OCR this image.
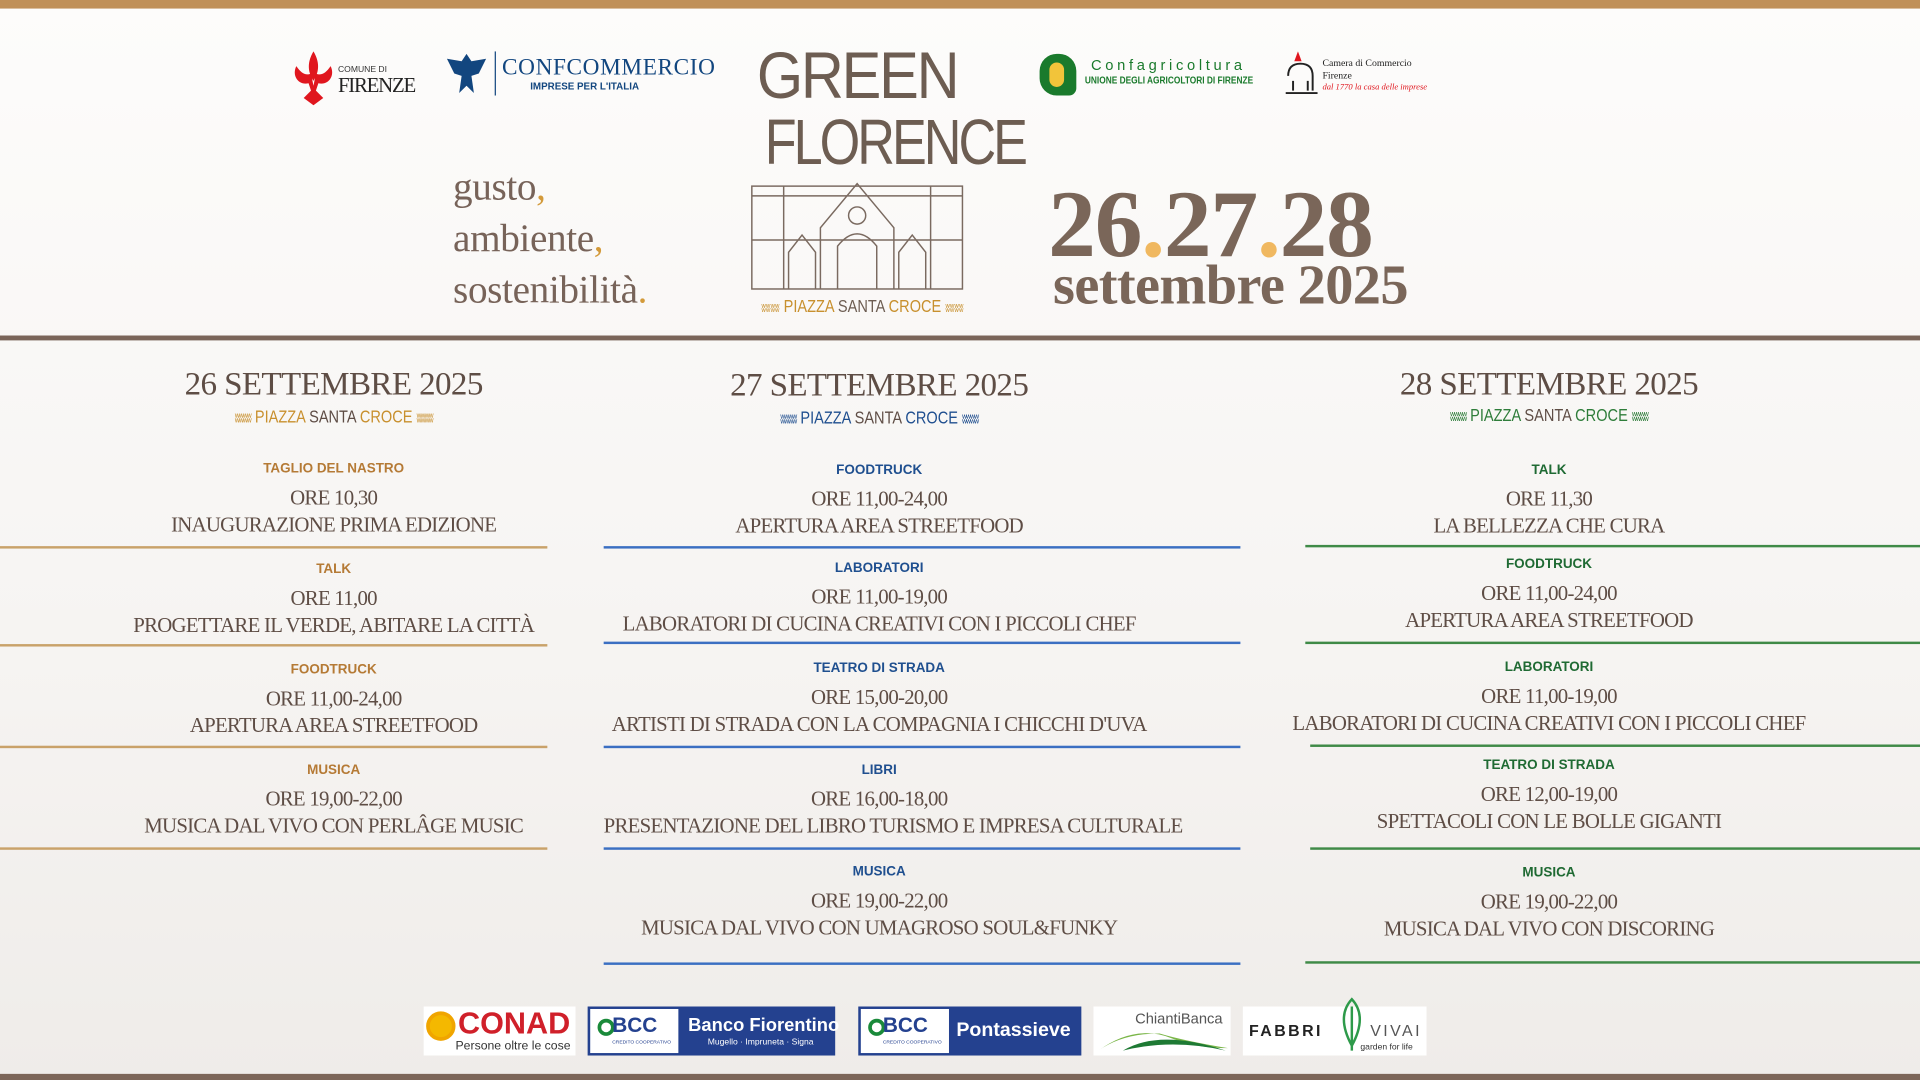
COMUNE DI
FIRENZE
CONFCOMMERCIO
IMPRESE PER L'ITALIA
Confagricoltura
UNIONE DEGLI AGRICOLTORI DI FIRENZE
Camera di Commercio
Firenze
dal 1770 la casa delle imprese
gusto,
ambiente,
sostenibilità.
GREEN
FLORENCE
ʬʬʬʬ PIAZZA SANTA CROCE ʬʬʬʬ
26.27.28
settembre 2025
26 SETTEMBRE 2025
ʬʬʬʬ PIAZZA SANTA CROCE ʬʬʬʬ
TAGLIO DEL NASTRO
ORE 10,30
INAUGURAZIONE PRIMA EDIZIONE
TALK
ORE 11,00
PROGETTARE IL VERDE, ABITARE LA CITTÀ
FOODTRUCK
ORE 11,00-24,00
APERTURA AREA STREETFOOD
MUSICA
ORE 19,00-22,00
MUSICA DAL VIVO CON PERLÂGE MUSIC
27 SETTEMBRE 2025
ʬʬʬʬ PIAZZA SANTA CROCE ʬʬʬʬ
FOODTRUCK
ORE 11,00-24,00
APERTURA AREA STREETFOOD
LABORATORI
ORE 11,00-19,00
LABORATORI DI CUCINA CREATIVI CON I PICCOLI CHEF
TEATRO DI STRADA
ORE 15,00-20,00
ARTISTI DI STRADA CON LA COMPAGNIA I CHICCHI D'UVA
LIBRI
ORE 16,00-18,00
PRESENTAZIONE DEL LIBRO TURISMO E IMPRESA CULTURALE
MUSICA
ORE 19,00-22,00
MUSICA DAL VIVO CON UMAGROSO SOUL&FUNKY
28 SETTEMBRE 2025
ʬʬʬʬ PIAZZA SANTA CROCE ʬʬʬʬ
TALK
ORE 11,30
LA BELLEZZA CHE CURA
FOODTRUCK
ORE 11,00-24,00
APERTURA AREA STREETFOOD
LABORATORI
ORE 11,00-19,00
LABORATORI DI CUCINA CREATIVI CON I PICCOLI CHEF
TEATRO DI STRADA
ORE 12,00-19,00
SPETTACOLI CON LE BOLLE GIGANTI
MUSICA
ORE 19,00-22,00
MUSICA DAL VIVO CON DISCORING
CONAD
Persone oltre le cose
BCC
CREDITO COOPERATIVO
Banco Fiorentino
Mugello · Impruneta · Signa
BCC
CREDITO COOPERATIVO
Pontassieve
ChiantiBanca
FABBRI	VIVAI
garden for life
